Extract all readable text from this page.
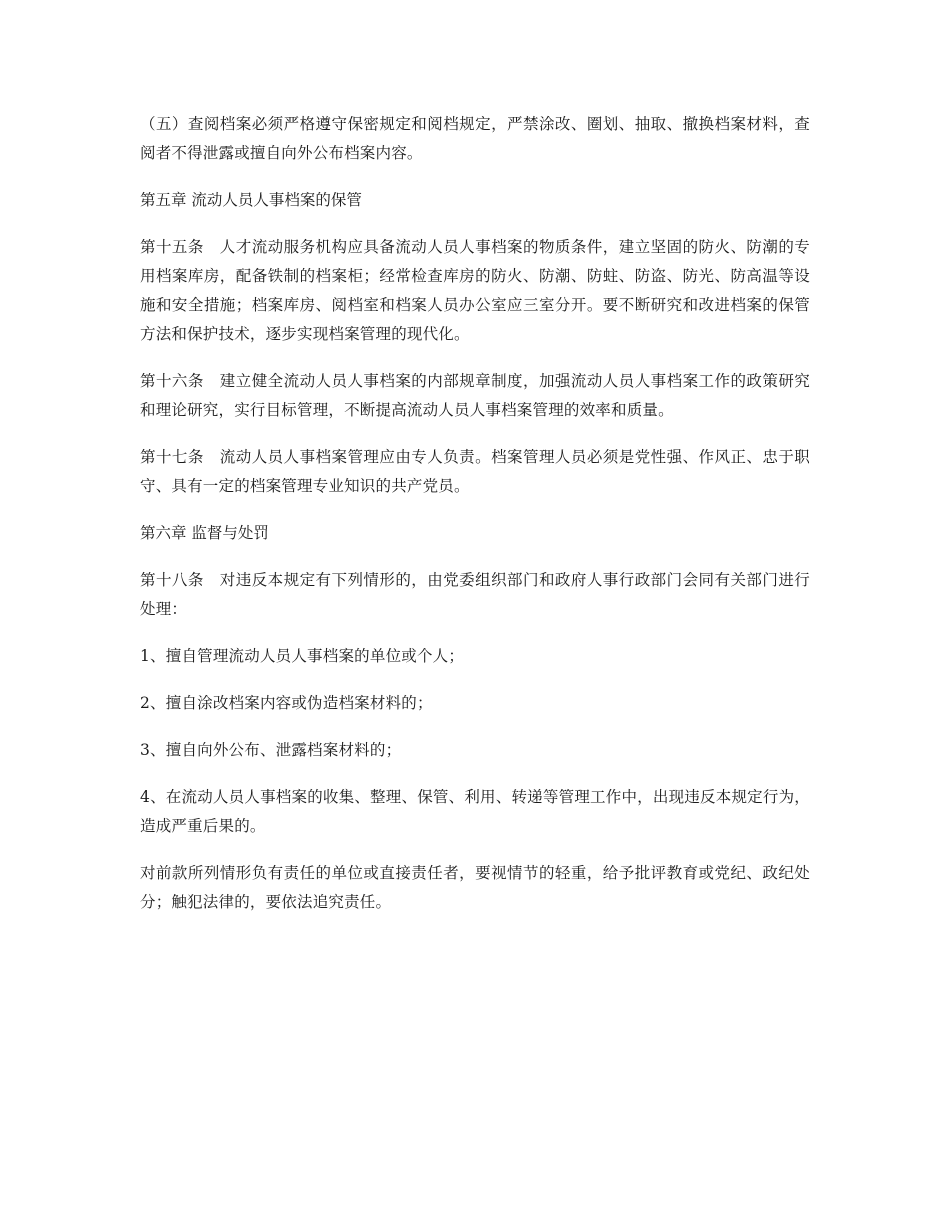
（五）查阅档案必须严格遵守保密规定和阅档规定，严禁涂改、圈划、抽取、撤换档案材料，查阅者不得泄露或擅自向外公布档案内容。

第五章 流动人员人事档案的保管

第十五条　人才流动服务机构应具备流动人员人事档案的物质条件，建立坚固的防火、防潮的专用档案库房，配备铁制的档案柜；经常检查库房的防火、防潮、防蛀、防盗、防光、防高温等设施和安全措施；档案库房、阅档室和档案人员办公室应三室分开。要不断研究和改进档案的保管方法和保护技术，逐步实现档案管理的现代化。

第十六条　建立健全流动人员人事档案的内部规章制度，加强流动人员人事档案工作的政策研究和理论研究，实行目标管理，不断提高流动人员人事档案管理的效率和质量。

第十七条　流动人员人事档案管理应由专人负责。档案管理人员必须是党性强、作风正、忠于职守、具有一定的档案管理专业知识的共产党员。

第六章 监督与处罚

第十八条　对违反本规定有下列情形的，由党委组织部门和政府人事行政部门会同有关部门进行处理：

1、擅自管理流动人员人事档案的单位或个人；

2、擅自涂改档案内容或伪造档案材料的；

3、擅自向外公布、泄露档案材料的；

4、在流动人员人事档案的收集、整理、保管、利用、转递等管理工作中，出现违反本规定行为，造成严重后果的。

对前款所列情形负有责任的单位或直接责任者，要视情节的轻重，给予批评教育或党纪、政纪处分；触犯法律的，要依法追究责任。
